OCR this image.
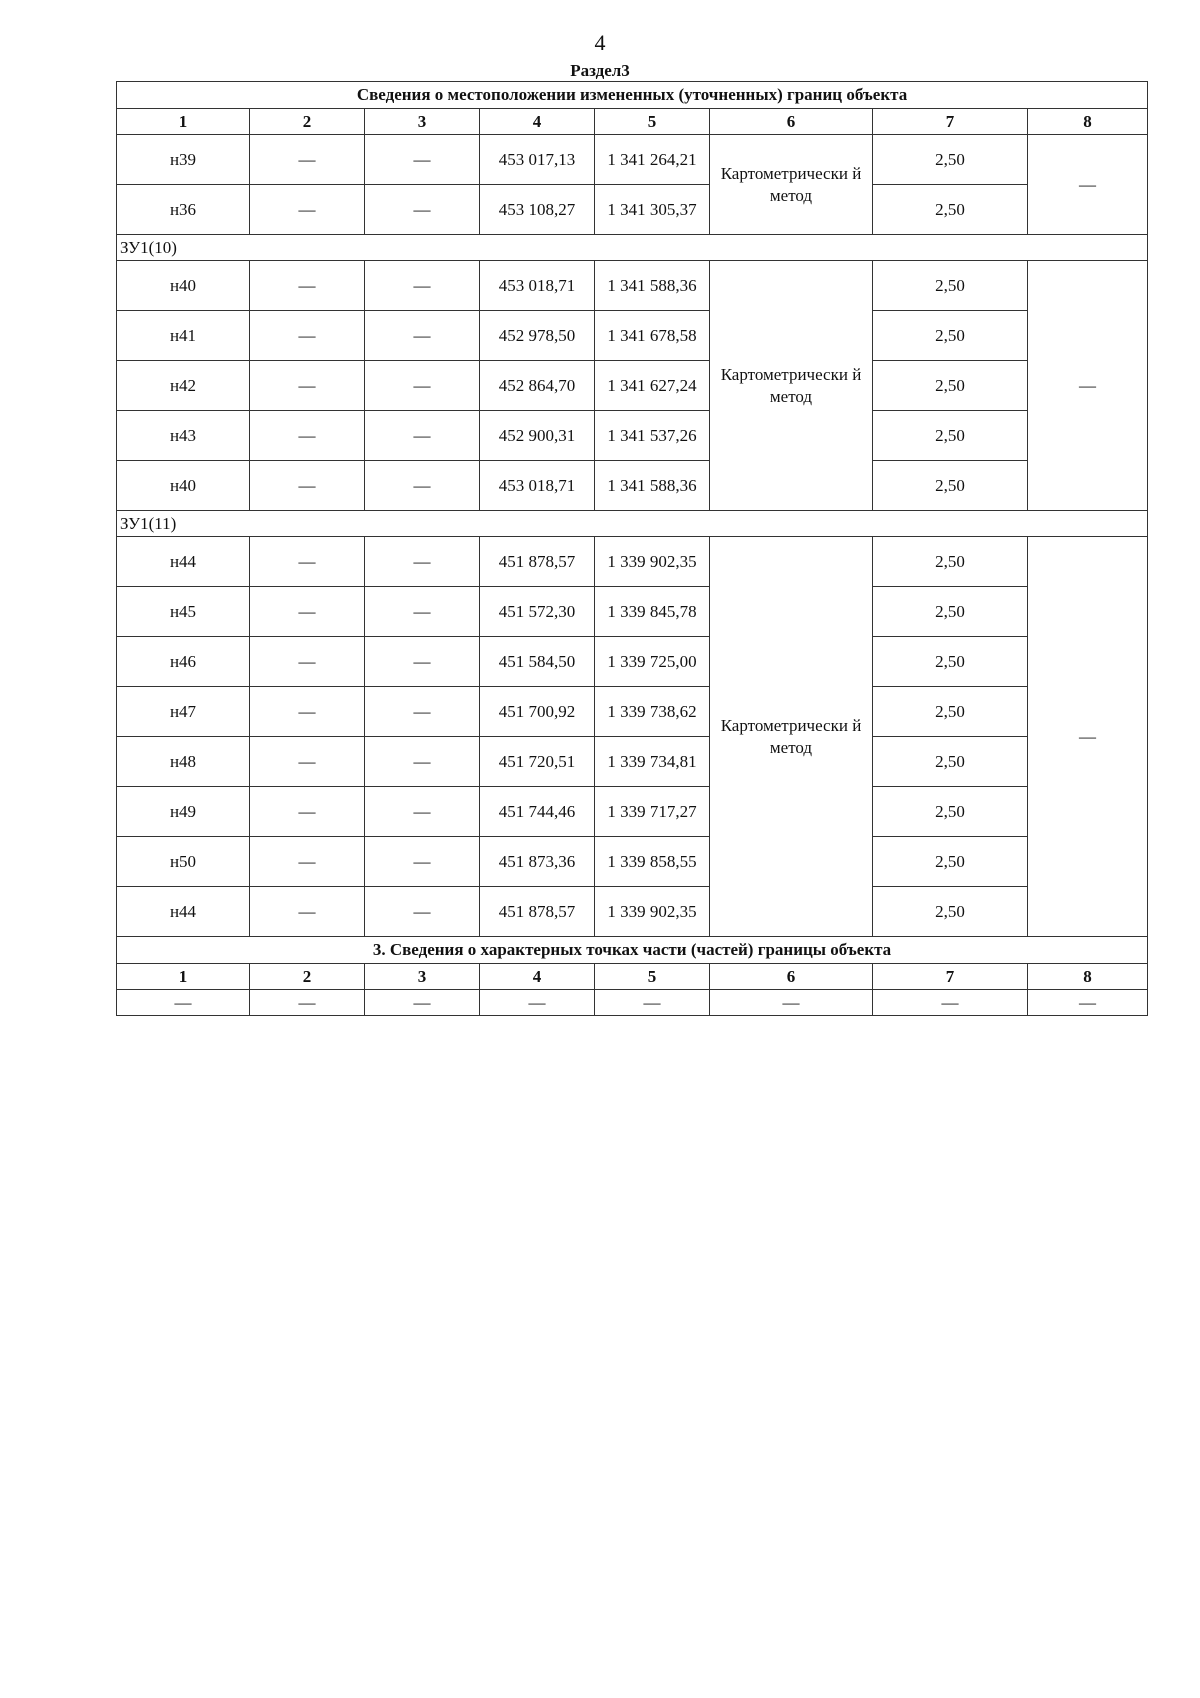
4
Раздел3
Сведения о местоположении измененных (уточненных) границ объекта							
1	2	3	4	5	6	7	8
н39	—	—	453 017,13	1 341 264,21	Картометрически й метод	2,50	—
н36	—	—	453 108,27	1 341 305,37		2,50	
ЗУ1(10)							
н40	—	—	453 018,71	1 341 588,36	Картометрически й метод	2,50	—
н41	—	—	452 978,50	1 341 678,58		2,50	
н42	—	—	452 864,70	1 341 627,24		2,50	
н43	—	—	452 900,31	1 341 537,26		2,50	
н40	—	—	453 018,71	1 341 588,36		2,50	
ЗУ1(11)							
н44	—	—	451 878,57	1 339 902,35	Картометрически й метод	2,50	—
н45	—	—	451 572,30	1 339 845,78		2,50	
н46	—	—	451 584,50	1 339 725,00		2,50	
н47	—	—	451 700,92	1 339 738,62		2,50	
н48	—	—	451 720,51	1 339 734,81		2,50	
н49	—	—	451 744,46	1 339 717,27		2,50	
н50	—	—	451 873,36	1 339 858,55		2,50	
н44	—	—	451 878,57	1 339 902,35		2,50	
3. Сведения о характерных точках части (частей) границы объекта							
1	2	3	4	5	6	7	8
—	—	—	—	—	—	—	—
